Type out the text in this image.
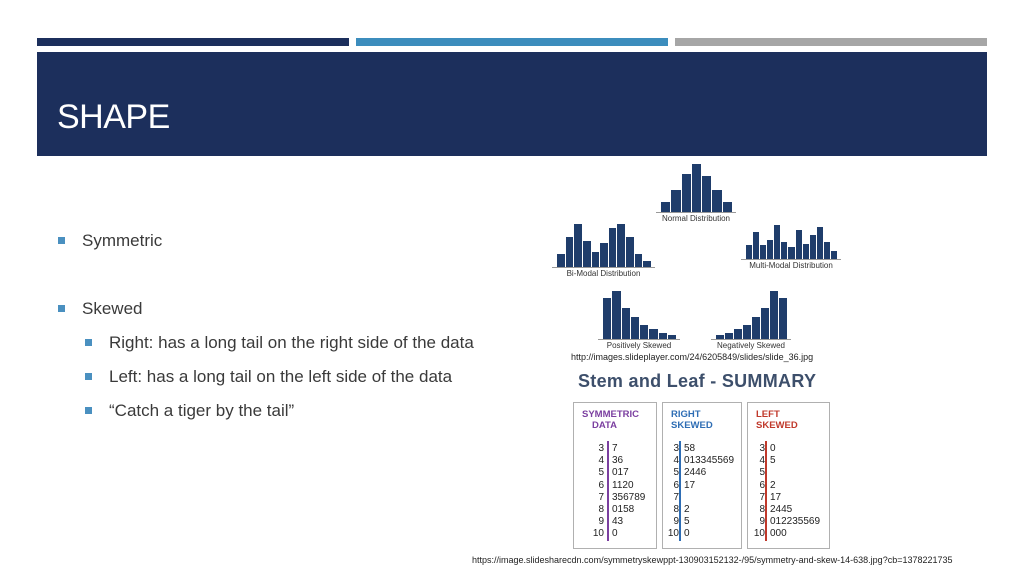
SHAPE
Symmetric
Skewed
Right: has a long tail on the right side of the data
Left: has a long tail on the left side of the data
“Catch a tiger by the tail”
Normal Distribution
Bi-Modal Distribution
Multi-Modal Distribution
Positively Skewed	Negatively Skewed
http://images.slideplayer.com/24/6205849/slides/slide_36.jpg
Stem and Leaf - SUMMARY
SYMMETRIC
DATA
3 7
4 36
5 017
6 1120
7 356789
8 0158
9 43
10 0
RIGHT
SKEWED
3 58
4 013345569
5 2446
6 17
7
8 2
9 5
10 0
LEFT
SKEWED
3 0
4 5
5
6 2
7 17
8 2445
9 012235569
10 000
https://image.slidesharecdn.com/symmetryskewppt-130903152132-/95/symmetry-and-skew-14-638.jpg?cb=1378221735
